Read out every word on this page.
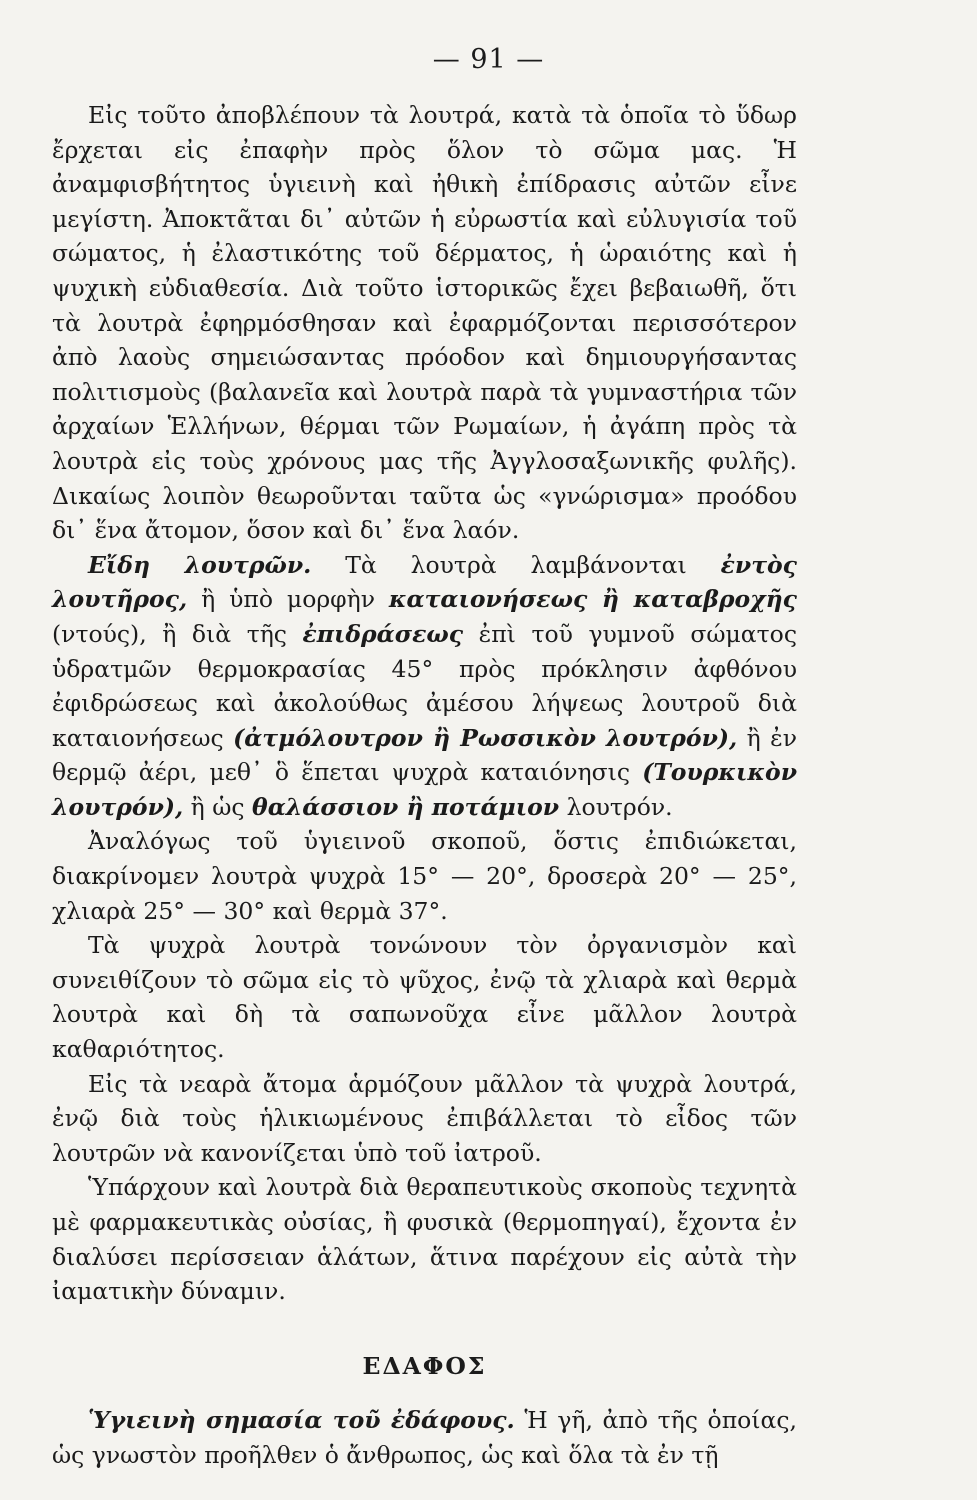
— 91 —

Εἰς τοῦτο ἀποβλέπουν τὰ λουτρά, κατὰ τὰ ὁποῖα τὸ ὕδωρ ἔρχεται εἰς ἐπαφὴν πρὸς ὅλον τὸ σῶμα μας. Ἡ ἀναμφισβήτητος ὑγιεινὴ καὶ ἠθικὴ ἐπίδρασις αὐτῶν εἶνε μεγίστη. Ἀποκτᾶται δι᾿ αὐτῶν ἡ εὐρωστία καὶ εὐλυγισία τοῦ σώματος, ἡ ἐλαστικότης τοῦ δέρματος, ἡ ὡραιότης καὶ ἡ ψυχικὴ εὐδιαθεσία. Διὰ τοῦτο ἱστορικῶς ἔχει βεβαιωθῆ, ὅτι τὰ λουτρὰ ἐφηρμόσθησαν καὶ ἐφαρμόζονται περισσότερον ἀπὸ λαοὺς σημειώσαντας πρόοδον καὶ δημιουργήσαντας πολιτισμοὺς (βαλανεῖα καὶ λουτρὰ παρὰ τὰ γυμναστήρια τῶν ἀρχαίων Ἑλλήνων, θέρμαι τῶν Ρωμαίων, ἡ ἀγάπη πρὸς τὰ λουτρὰ εἰς τοὺς χρόνους μας τῆς Ἀγγλοσαξωνικῆς φυλῆς). Δικαίως λοιπὸν θεωροῦνται ταῦτα ὡς «γνώρισμα» προόδου δι᾿ ἕνα ἄτομον, ὅσον καὶ δι᾿ ἕνα λαόν.

Εἴδη λουτρῶν. Τὰ λουτρὰ λαμβάνονται ἐντὸς λουτῆρος, ἢ ὑπὸ μορφὴν καταιονήσεως ἢ καταβροχῆς (ντούς), ἢ διὰ τῆς ἐπιδράσεως ἐπὶ τοῦ γυμνοῦ σώματος ὑδρατμῶν θερμοκρασίας 45° πρὸς πρόκλησιν ἀφθόνου ἐφιδρώσεως καὶ ἀκολούθως ἀμέσου λήψεως λουτροῦ διὰ καταιονήσεως (ἀτμόλουτρον ἢ Ρωσσικὸν λουτρόν), ἢ ἐν θερμῷ ἀέρι, μεθ᾿ ὃ ἕπεται ψυχρὰ καταιόνησις (Τουρκικὸν λουτρόν), ἢ ὡς θαλάσσιον ἢ ποτάμιον λουτρόν.

Ἀναλόγως τοῦ ὑγιεινοῦ σκοποῦ, ὅστις ἐπιδιώκεται, διακρίνομεν λουτρὰ ψυχρὰ 15° — 20°, δροσερὰ 20° — 25°, χλιαρὰ 25° — 30° καὶ θερμὰ 37°.

Τὰ ψυχρὰ λουτρὰ τονώνουν τὸν ὀργανισμὸν καὶ συνειθίζουν τὸ σῶμα εἰς τὸ ψῦχος, ἐνῷ τὰ χλιαρὰ καὶ θερμὰ λουτρὰ καὶ δὴ τὰ σαπωνοῦχα εἶνε μᾶλλον λουτρὰ καθαριότητος.

Εἰς τὰ νεαρὰ ἄτομα ἁρμόζουν μᾶλλον τὰ ψυχρὰ λουτρά, ἐνῷ διὰ τοὺς ἡλικιωμένους ἐπιβάλλεται τὸ εἶδος τῶν λουτρῶν νὰ κανονίζεται ὑπὸ τοῦ ἰατροῦ.

Ὑπάρχουν καὶ λουτρὰ διὰ θεραπευτικοὺς σκοποὺς τεχνητὰ μὲ φαρμακευτικὰς οὐσίας, ἢ φυσικὰ (θερμοπηγαί), ἔχοντα ἐν διαλύσει περίσσειαν ἁλάτων, ἅτινα παρέχουν εἰς αὐτὰ τὴν ἰαματικὴν δύναμιν.

ΕΔΑΦΟΣ

Ὑγιεινὴ σημασία τοῦ ἐδάφους. Ἡ γῆ, ἀπὸ τῆς ὁποίας, ὡς γνωστὸν προῆλθεν ὁ ἄνθρωπος, ὡς καὶ ὅλα τὰ ἐν τῇ
